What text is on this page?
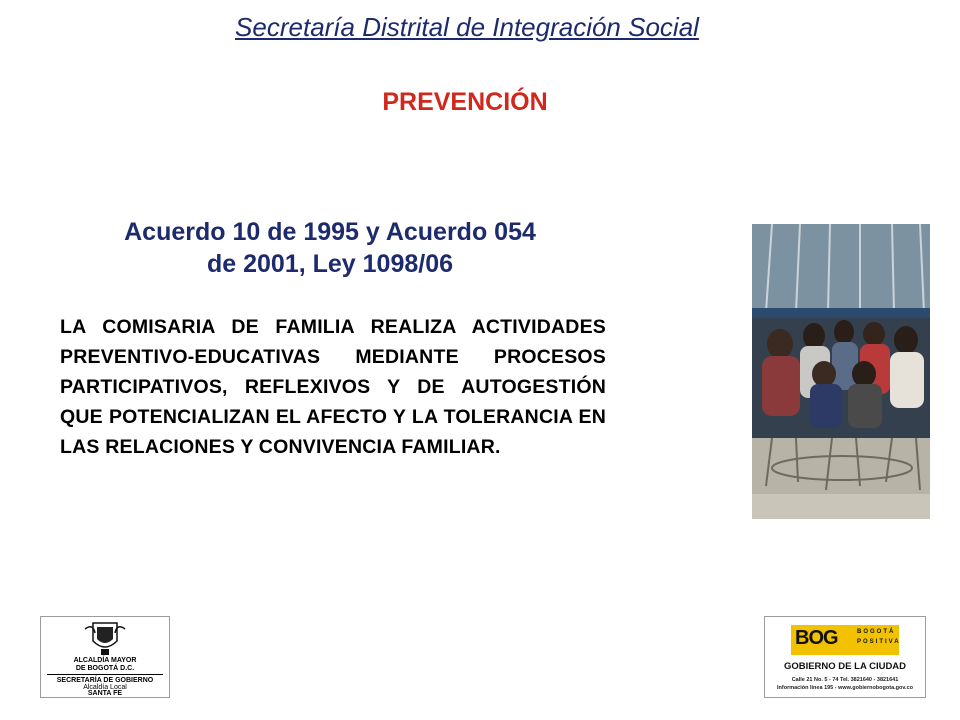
Secretaría Distrital de Integración Social
PREVENCIÓN
Acuerdo 10 de 1995 y Acuerdo 054
de 2001, Ley 1098/06
LA COMISARIA DE FAMILIA REALIZA ACTIVIDADES PREVENTIVO-EDUCATIVAS MEDIANTE PROCESOS PARTICIPATIVOS, REFLEXIVOS Y DE AUTOGESTIÓN QUE POTENCIALIZAN EL AFECTO Y LA TOLERANCIA EN LAS RELACIONES Y CONVIVENCIA FAMILIAR.
ALCALDÍA MAYOR
DE BOGOTÁ D.C.
SECRETARÍA DE GOBIERNO
Alcaldía Local
SANTA FE
BOG	BOGOTÁ
POSITIVA
GOBIERNO DE LA CIUDAD
Calle 21 No. 5 - 74 Tel. 3821640 - 3821641
Información línea 195 - www.gobiernobogota.gov.co
